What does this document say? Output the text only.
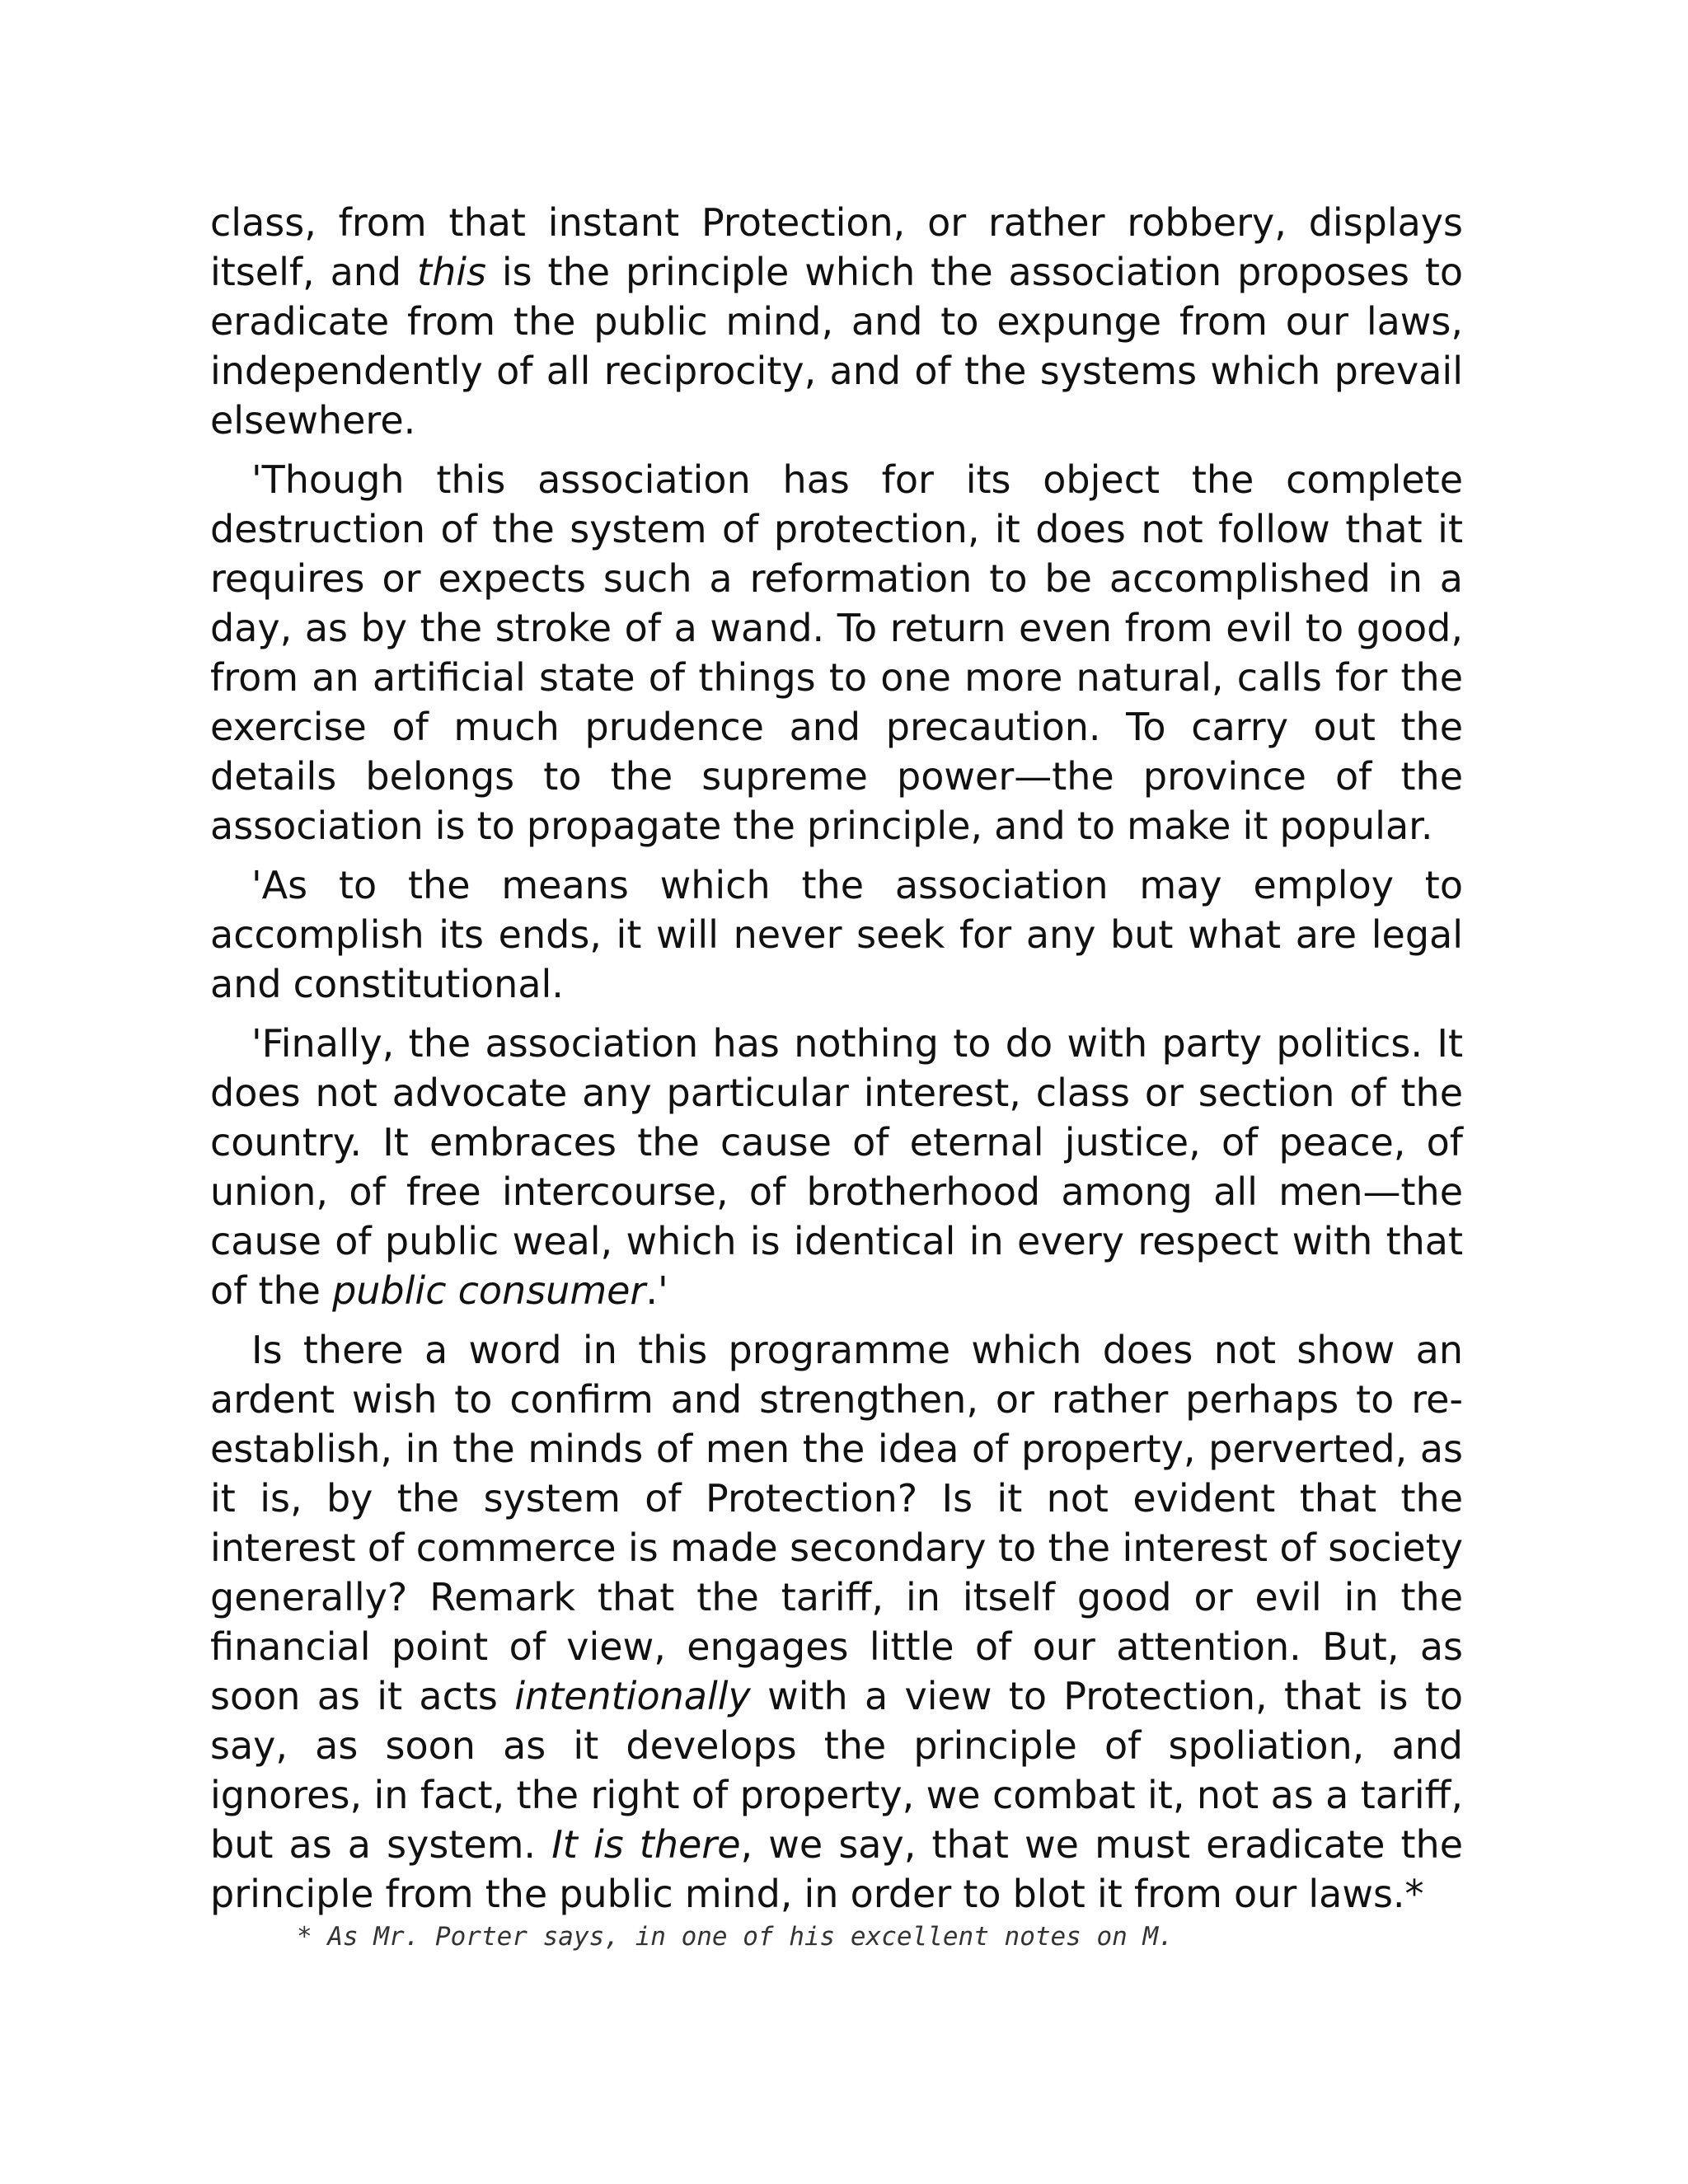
class, from that instant Protection, or rather robbery, displays itself, and this is the principle which the association proposes to eradicate from the public mind, and to expunge from our laws, independently of all reciprocity, and of the systems which prevail elsewhere.

'Though this association has for its object the complete destruction of the system of protection, it does not follow that it requires or expects such a reformation to be accomplished in a day, as by the stroke of a wand. To return even from evil to good, from an artificial state of things to one more natural, calls for the exercise of much prudence and precaution. To carry out the details belongs to the supreme power—the province of the association is to propagate the principle, and to make it popular.

'As to the means which the association may employ to accomplish its ends, it will never seek for any but what are legal and constitutional.

'Finally, the association has nothing to do with party politics. It does not advocate any particular interest, class or section of the country. It embraces the cause of eternal justice, of peace, of union, of free intercourse, of brotherhood among all men—the cause of public weal, which is identical in every respect with that of the public consumer.'

Is there a word in this programme which does not show an ardent wish to confirm and strengthen, or rather perhaps to re-establish, in the minds of men the idea of property, perverted, as it is, by the system of Protection? Is it not evident that the interest of commerce is made secondary to the interest of society generally? Remark that the tariff, in itself good or evil in the financial point of view, engages little of our attention. But, as soon as it acts intentionally with a view to Protection, that is to say, as soon as it develops the principle of spoliation, and ignores, in fact, the right of property, we combat it, not as a tariff, but as a system. It is there, we say, that we must eradicate the principle from the public mind, in order to blot it from our laws.*

* As Mr. Porter says, in one of his excellent notes on M.
